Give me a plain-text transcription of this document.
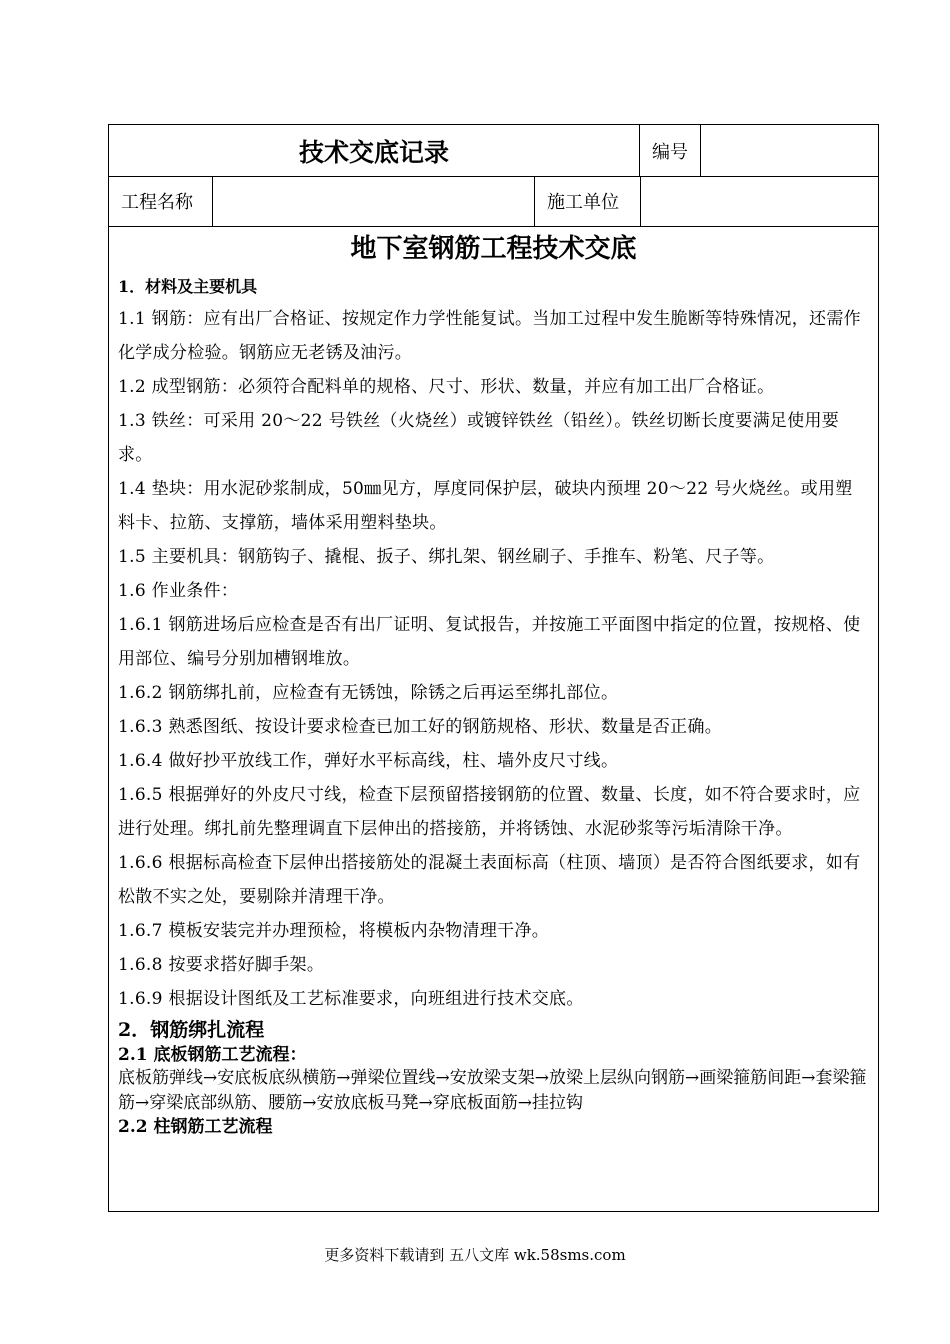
技术交底记录	编号
工程名称	施工单位

地下室钢筋工程技术交底

1．材料及主要机具

1.1 钢筋：应有出厂合格证、按规定作力学性能复试。当加工过程中发生脆断等特殊情况，还需作化学成分检验。钢筋应无老锈及油污。

1.2 成型钢筋：必须符合配料单的规格、尺寸、形状、数量，并应有加工出厂合格证。

1.3 铁丝：可采用 20～22 号铁丝（火烧丝）或镀锌铁丝（铅丝）。铁丝切断长度要满足使用要求。

1.4 垫块：用水泥砂浆制成，50㎜见方，厚度同保护层，破块内预埋 20～22 号火烧丝。或用塑料卡、拉筋、支撑筋，墙体采用塑料垫块。

1.5 主要机具：钢筋钩子、撬棍、扳子、绑扎架、钢丝刷子、手推车、粉笔、尺子等。

1.6 作业条件：

1.6.1 钢筋进场后应检查是否有出厂证明、复试报告，并按施工平面图中指定的位置，按规格、使用部位、编号分别加槽钢堆放。

1.6.2 钢筋绑扎前，应检查有无锈蚀，除锈之后再运至绑扎部位。

1.6.3 熟悉图纸、按设计要求检查已加工好的钢筋规格、形状、数量是否正确。

1.6.4 做好抄平放线工作，弹好水平标高线，柱、墙外皮尺寸线。

1.6.5 根据弹好的外皮尺寸线，检查下层预留搭接钢筋的位置、数量、长度，如不符合要求时，应进行处理。绑扎前先整理调直下层伸出的搭接筋，并将锈蚀、水泥砂浆等污垢清除干净。

1.6.6 根据标高检查下层伸出搭接筋处的混凝土表面标高（柱顶、墙顶）是否符合图纸要求，如有松散不实之处，要剔除并清理干净。

1.6.7 模板安装完并办理预检，将模板内杂物清理干净。

1.6.8 按要求搭好脚手架。

1.6.9 根据设计图纸及工艺标准要求，向班组进行技术交底。

2．钢筋绑扎流程

2.1 底板钢筋工艺流程：

底板筋弹线→安底板底纵横筋→弹梁位置线→安放梁支架→放梁上层纵向钢筋→画梁箍筋间距→套梁箍筋→穿梁底部纵筋、腰筋→安放底板马凳→穿底板面筋→挂拉钩

2.2 柱钢筋工艺流程

更多资料下载请到 五八文库 wk.58sms.com
